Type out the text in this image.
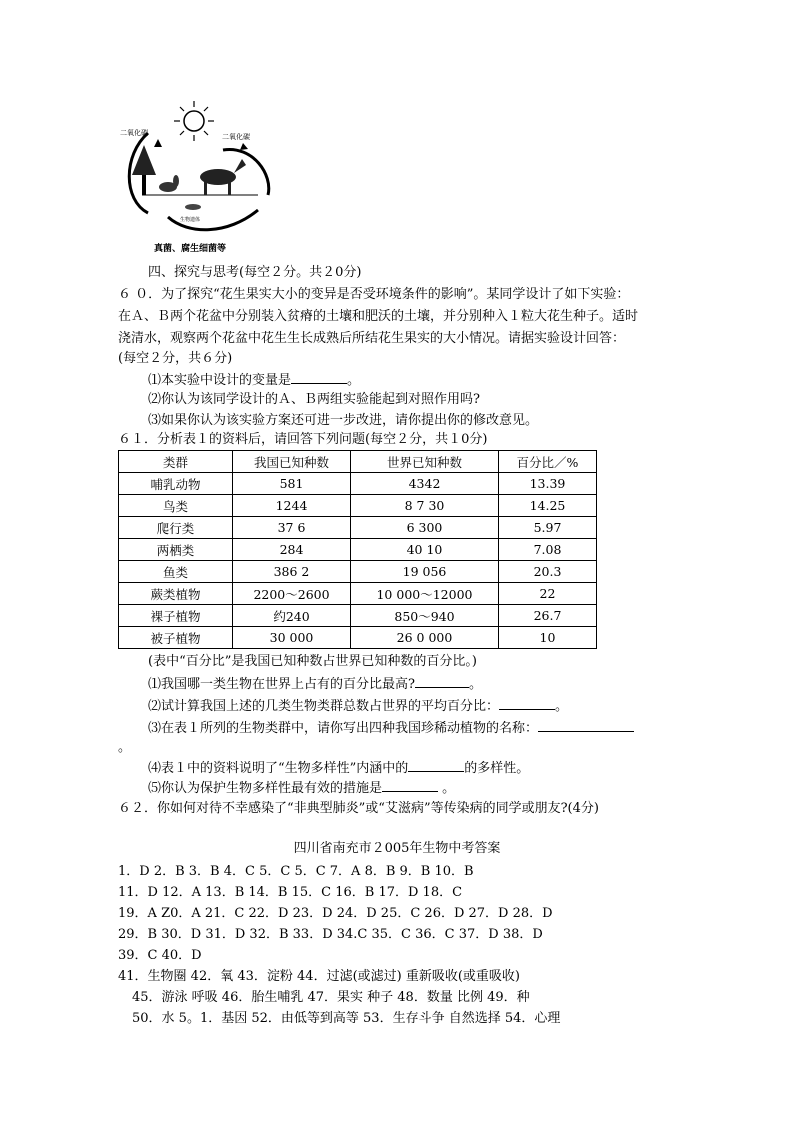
二氧化碳	二氧化碳
生物遗体
真菌、腐生细菌等
四、探究与思考(每空２分。共２0分)
６ ０．为了探究“花生果实大小的变异是否受环境条件的影响”。某同学设计了如下实验：
在Ａ、Ｂ两个花盆中分别装入贫瘠的土壤和肥沃的土壤，并分别种入１粒大花生种子。适时
浇清水，观察两个花盆中花生生长成熟后所结花生果实的大小情况。请据实验设计回答：
(每空２分，共６分)
⑴本实验中设计的变量是	。
⑵你认为该同学设计的Ａ、Ｂ两组实验能起到对照作用吗?
⑶如果你认为该实验方案还可进一步改进，请你提出你的修改意见。
６１．分析表１的资料后，请回答下列问题(每空２分，共１0分)
类群	我国已知种数	世界已知种数	百分比／%
哺乳动物	581	4342	13.39
鸟类	1244	8 7 30	14.25
爬行类	37 6	6 300	5.97
两栖类	284	40 10	7.08
鱼类	386 2	19 056	20.3
蕨类植物	2200～2600	10 000～12000	22
裸子植物	约240	850～940	26.7
被子植物	30 000	26 0 000	10
(表中“百分比”是我国已知种数占世界已知种数的百分比。)
⑴我国哪一类生物在世界上占有的百分比最高?	。
⑵试计算我国上述的几类生物类群总数占世界的平均百分比：	。
⑶在表１所列的生物类群中，请你写出四种我国珍稀动植物的名称：
。
⑷表１中的资料说明了“生物多样性”内涵中的	的多样性。
⑸你认为保护生物多样性最有效的措施是	。
６２．你如何对待不幸感染了“非典型肺炎”或“艾滋病”等传染病的同学或朋友?(4分)
四川省南充市２005年生物中考答案
1．D 2．B 3．B 4．C 5．C 5．C 7．A 8．B 9．B 10．B
11．D 12．A 13．B 14．B 15．C 16．B 17．D 18．C
19．A Z0．A 21．C 22．D 23．D 24．D 25．C 26．D 27．D 28．D
29．B 30．D 31．D 32．B 33．D 34.C 35．C 36．C 37．D 38．D
39．C 40．D
41．生物圈 42．氧 43．淀粉 44．过滤(或滤过) 重新吸收(或重吸收)
45．游泳 呼吸 46．胎生哺乳 47．果实 种子 48．数量 比例 49．种
50．水 5。1．基因 52．由低等到高等 53．生存斗争 自然选择 54．心理
